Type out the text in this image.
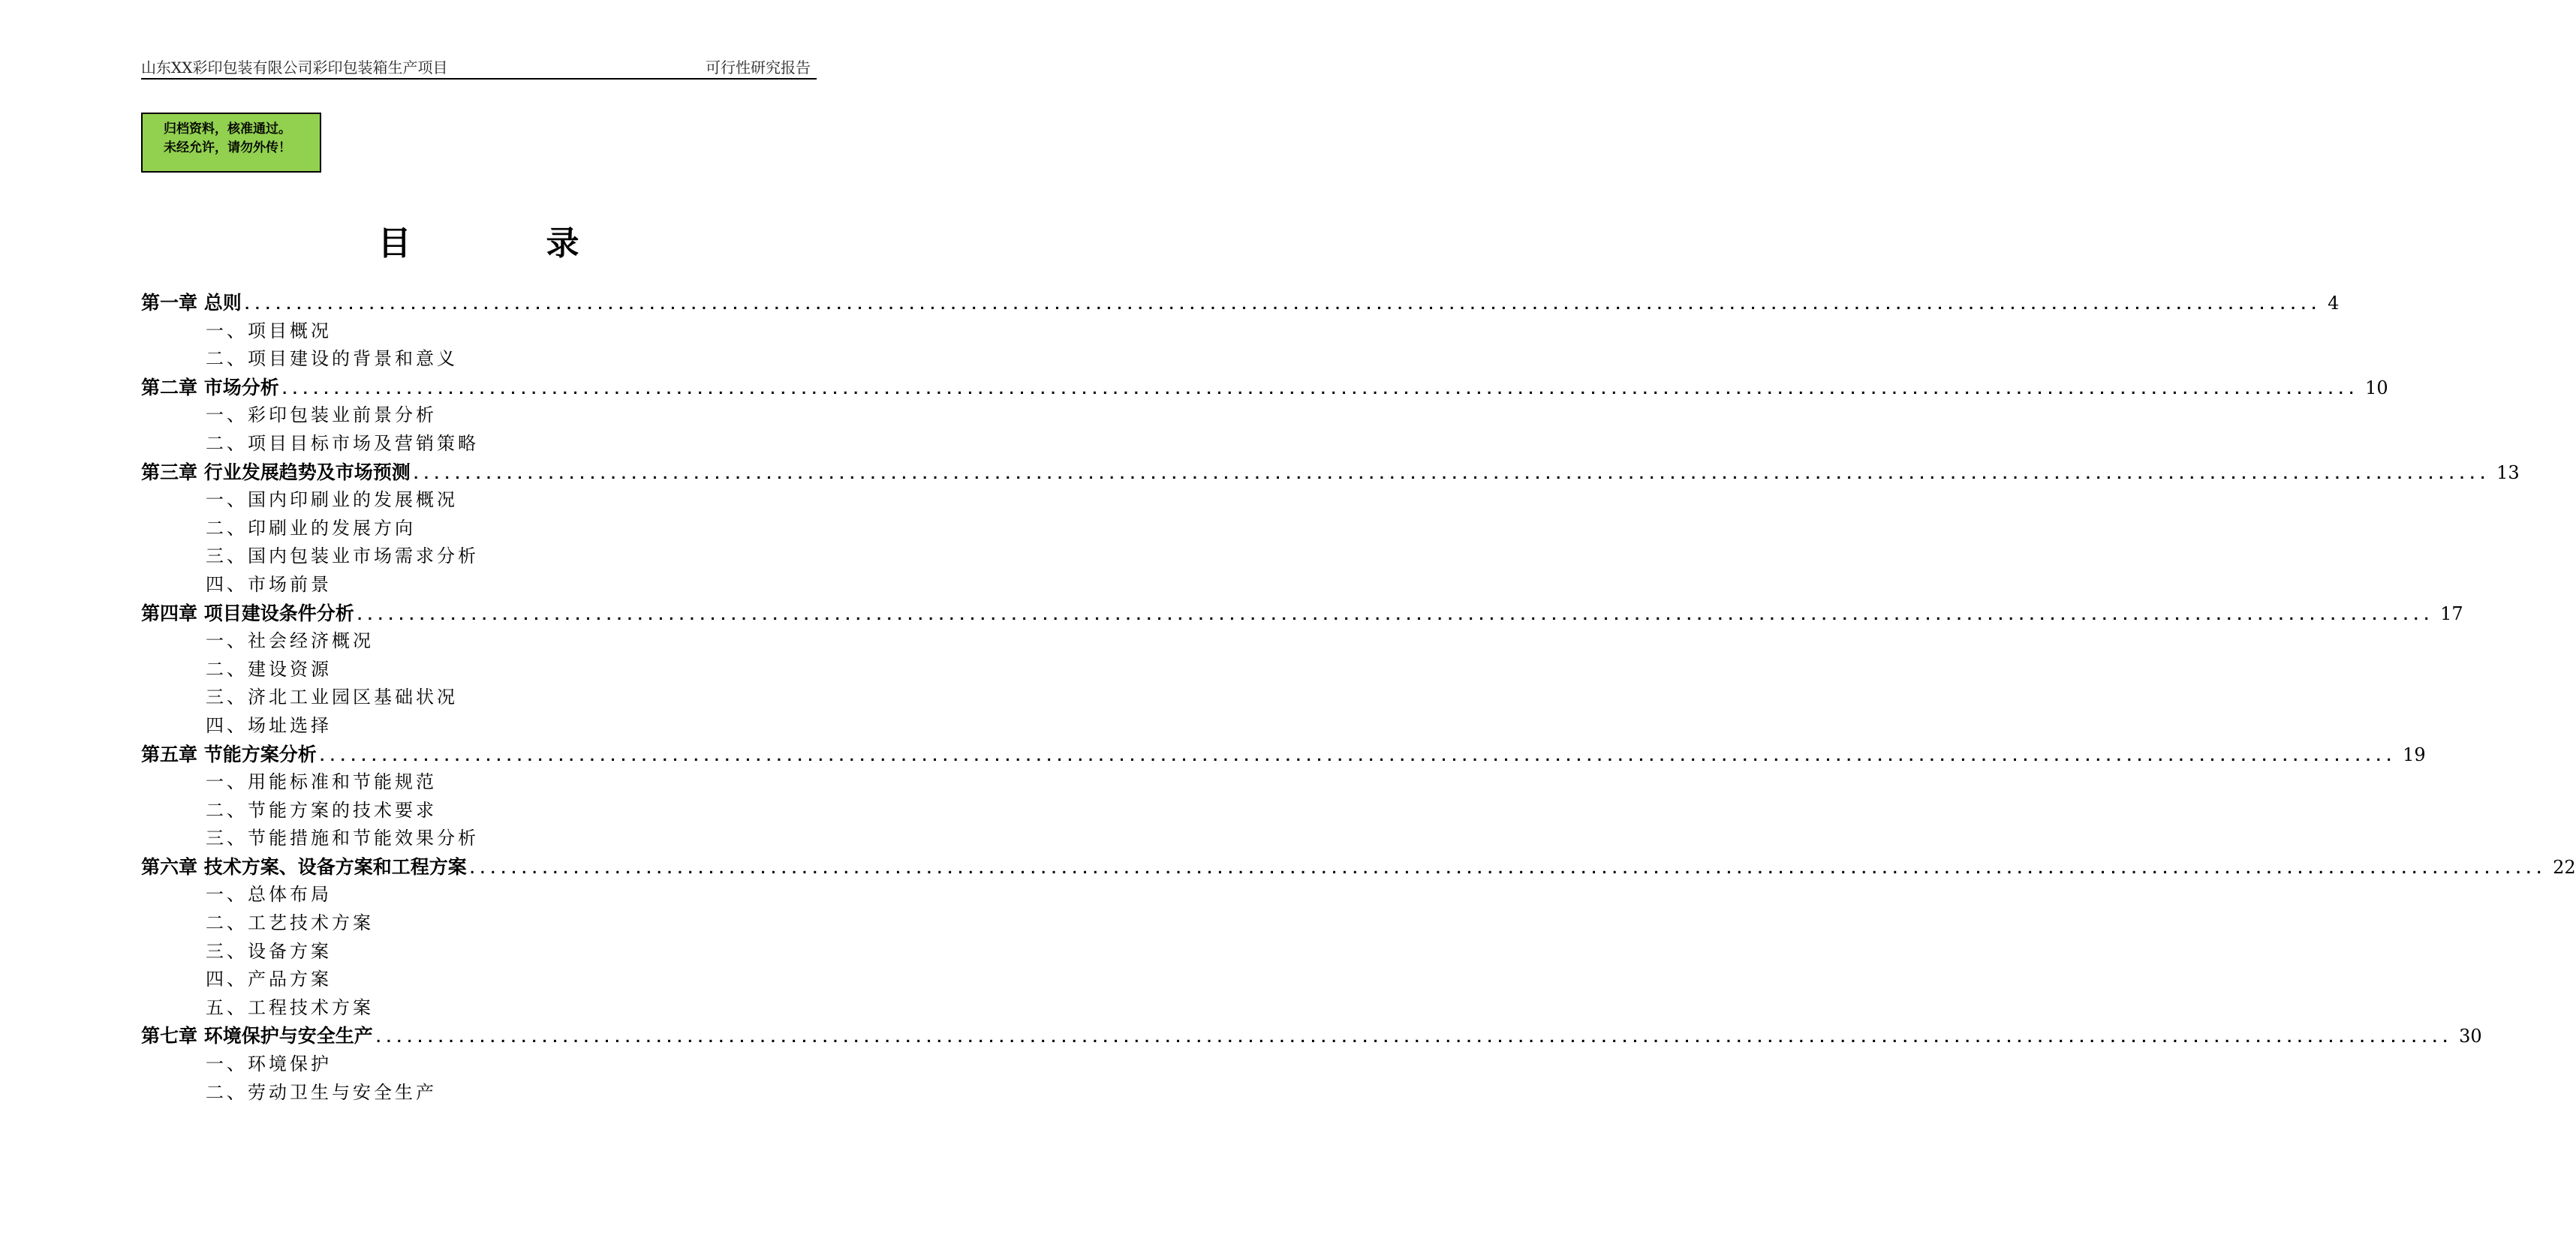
山东XX彩印包装有限公司彩印包装箱生产项目	可行性研究报告
归档资料，核准通过。
未经允许，请勿外传！
目录
第一章 总则 ........................................................................................................................................................................................................ 4
一、项目概况
二、项目建设的背景和意义
第二章 市场分析 ........................................................................................................................................................................................................ 10
一、彩印包装业前景分析
二、项目目标市场及营销策略
第三章 行业发展趋势及市场预测 ........................................................................................................................................................................................................ 13
一、国内印刷业的发展概况
二、印刷业的发展方向
三、国内包装业市场需求分析
四、市场前景
第四章 项目建设条件分析 ........................................................................................................................................................................................................ 17
一、社会经济概况
二、建设资源
三、济北工业园区基础状况
四、场址选择
第五章 节能方案分析 ........................................................................................................................................................................................................ 19
一、用能标准和节能规范
二、节能方案的技术要求
三、节能措施和节能效果分析
第六章 技术方案、设备方案和工程方案 ........................................................................................................................................................................................................ 22
一、总体布局
二、工艺技术方案
三、设备方案
四、产品方案
五、工程技术方案
第七章 环境保护与安全生产 ........................................................................................................................................................................................................ 30
一、环境保护
二、劳动卫生与安全生产
